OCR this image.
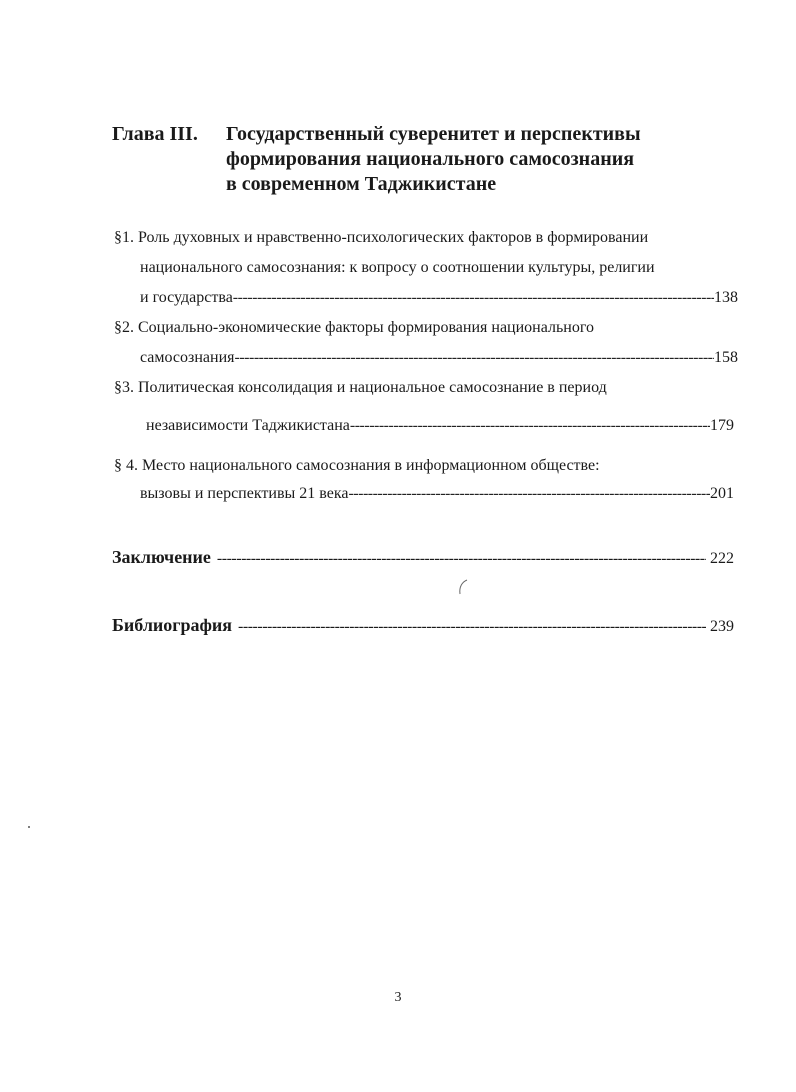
Глава III. Государственный суверенитет и перспективы
формирования национального самосознания
в современном Таджикистане
§1. Роль духовных и нравственно-психологических факторов в формировании
национального самосознания: к вопросу о соотношении культуры, религии
и государства -----	138
§2. Социально-экономические факторы формирования национального
самосознания -----	158
§3. Политическая консолидация и национальное самосознание в период
независимости Таджикистана -----	179
§ 4. Место национального самосознания в информационном обществе:
вызовы и перспективы 21 века -----	201
Заключение -----	222
Библиография -----	239
3
